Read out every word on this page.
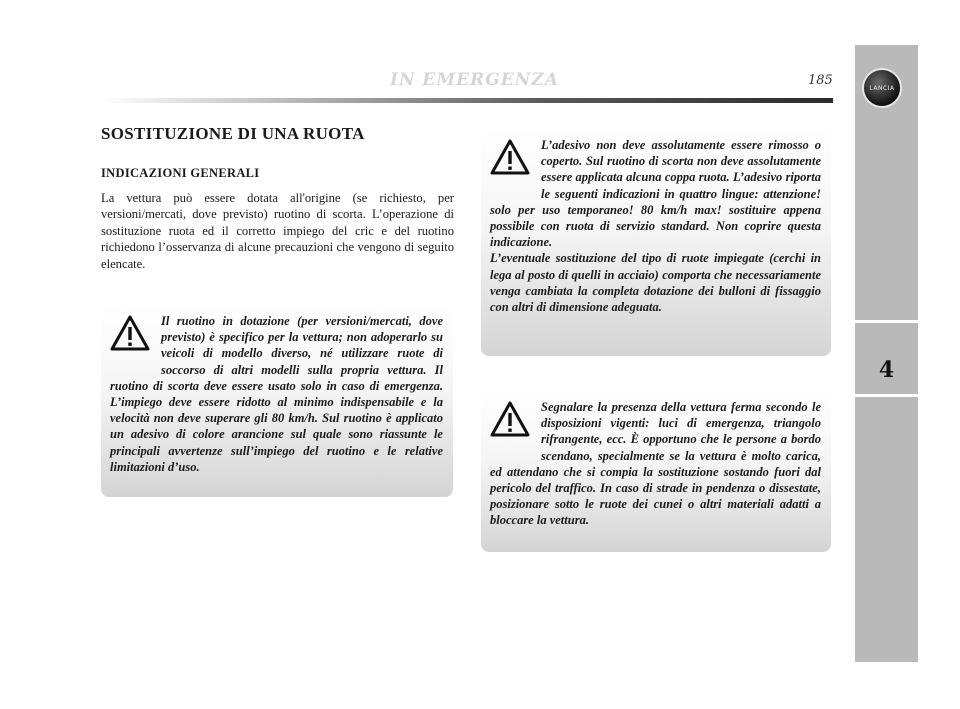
IN EMERGENZA	185
4
LANCIA
SOSTITUZIONE DI UNA RUOTA
INDICAZIONI GENERALI

La vettura può essere dotata all'origine (se richiesto, per versioni/mercati, dove previsto) ruotino di scorta. L’operazione di sostituzione ruota ed il corretto impiego del cric e del ruotino richiedono l’osservanza di alcune precauzioni che vengono di seguito elencate.

Il ruotino in dotazione (per versioni/mercati, dove previsto) è specifico per la vettura; non adoperarlo su veicoli di modello diverso, né utilizzare ruote di soccorso di altri modelli sulla propria vettura. Il ruotino di scorta deve essere usato solo in caso di emergenza. L’impiego deve essere ridotto al minimo indispensabile e la velocità non deve superare gli 80 km/h. Sul ruotino è applicato un adesivo di colore arancione sul quale sono riassunte le principali avvertenze sull’impiego del ruotino e le relative limitazioni d’uso.

L’adesivo non deve assolutamente essere rimosso o coperto. Sul ruotino di scorta non deve assolutamente essere applicata alcuna coppa ruota. L’adesivo riporta le seguenti indicazioni in quattro lingue: attenzione! solo per uso temporaneo! 80 km/h max! sostituire appena possibile con ruota di servizio standard. Non coprire questa indicazione.

L’eventuale sostituzione del tipo di ruote impiegate (cerchi in lega al posto di quelli in acciaio) comporta che necessariamente venga cambiata la completa dotazione dei bulloni di fissaggio con altri di dimensione adeguata.

Segnalare la presenza della vettura ferma secondo le disposizioni vigenti: luci di emergenza, triangolo rifrangente, ecc. È opportuno che le persone a bordo scendano, specialmente se la vettura è molto carica, ed attendano che si compia la sostituzione sostando fuori dal pericolo del traffico. In caso di strade in pendenza o dissestate, posizionare sotto le ruote dei cunei o altri materiali adatti a bloccare la vettura.
